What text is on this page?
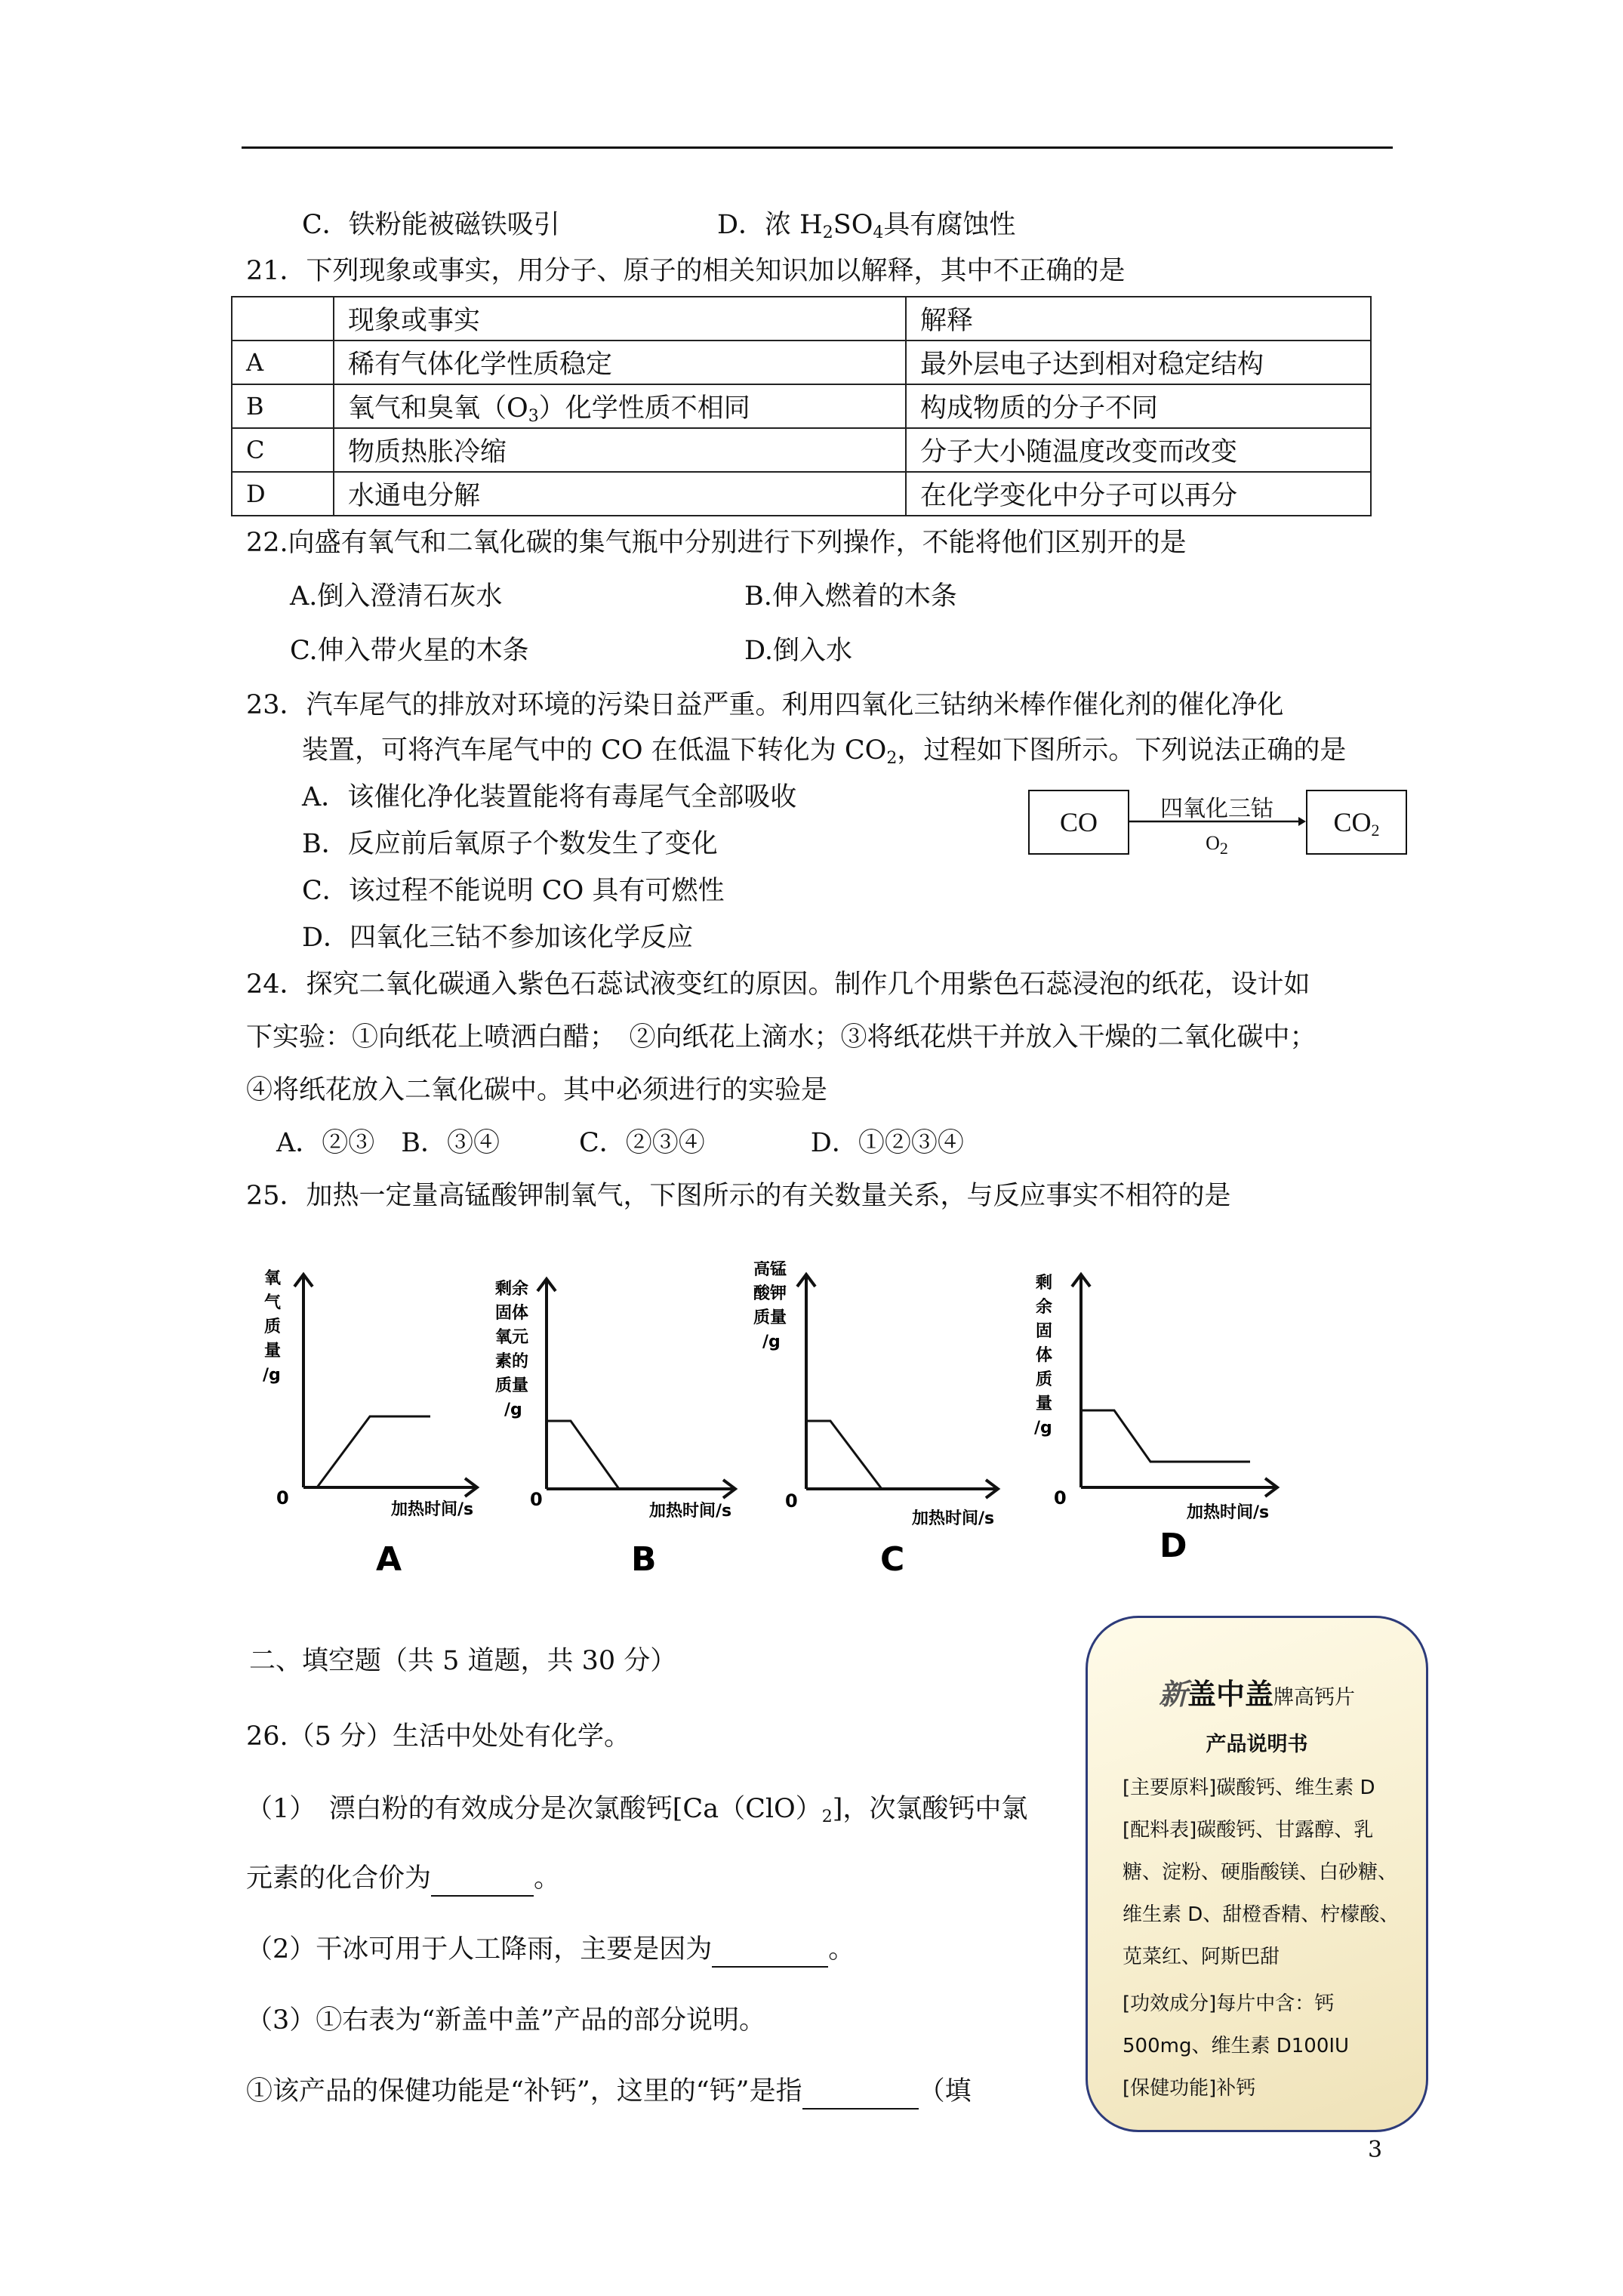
C．铁粉能被磁铁吸引	D．浓 $H_2SO_4$具有腐蚀性
21．下列现象或事实，用分子、原子的相关知识加以解释，其中不正确的是
	现象或事实	解释
A	稀有气体化学性质稳定	最外层电子达到相对稳定结构
B	氧气和臭氧$(O_3)$化学性质不相同	构成物质的分子不同
C	物质热胀冷缩	分子大小随温度改变而改变
D	水通电分解	在化学变化中分子可以再分
22.向盛有氧气和二氧化碳的集气瓶中分别进行下列操作，不能将他们区别开的是
A.倒入澄清石灰水	B.伸入燃着的木条
C.伸入带火星的木条	D.倒入水
23．汽车尾气的排放对环境的污染日益严重。利用四氧化三钴纳米棒作催化剂的催化净化
装置，可将汽车尾气中的 CO 在低温下转化为 $CO_2$，过程如下图所示。下列说法正确的是
A．该催化净化装置能将有毒尾气全部吸收
B．反应前后氧原子个数发生了变化
C．该过程不能说明 CO 具有可燃性
D．四氧化三钴不参加该化学反应
CO	$CO_2$
四氧化三钴
$O_2$
24．探究二氧化碳通入紫色石蕊试液变红的原因。制作几个用紫色石蕊浸泡的纸花，设计如
下实验：①向纸花上喷洒白醋；　②向纸花上滴水；③将纸花烘干并放入干燥的二氧化碳中；
④将纸花放入二氧化碳中。其中必须进行的实验是
A．②③　B．③④　　　C．②③④　　　　D．①②③④
25．加热一定量高锰酸钾制氧气，下图所示的有关数量关系，与反应事实不相符的是
氧
气
质
量
/g
0
加热时间/s
A
剩余
固体
氧元
素的
质量
/g
0
加热时间/s
B
高锰
酸钾
质量
/g
0
加热时间/s
C
剩
余
固
体
质
量
/g
0
加热时间/s
D
二、填空题（共 5 道题，共 30 分）
26.（5 分）生活中处处有化学。
（1）　漂白粉的有效成分是次氯酸钙$[Ca(ClO)_2]$，次氯酸钙中氯
元素的化合价为	。
（2）干冰可用于人工降雨，主要是因为	。
（3）①右表为“新盖中盖”产品的部分说明。
①该产品的保健功能是“补钙”，这里的“钙”是指	（填
新盖中盖牌高钙片
产品说明书
[主要原料]碳酸钙、维生素 D
[配料表]碳酸钙、甘露醇、乳
糖、淀粉、硬脂酸镁、白砂糖、
维生素 D、甜橙香精、柠檬酸、
苋菜红、阿斯巴甜
[功效成分]每片中含：钙
500mg、维生素 D100IU
[保健功能]补钙
3
